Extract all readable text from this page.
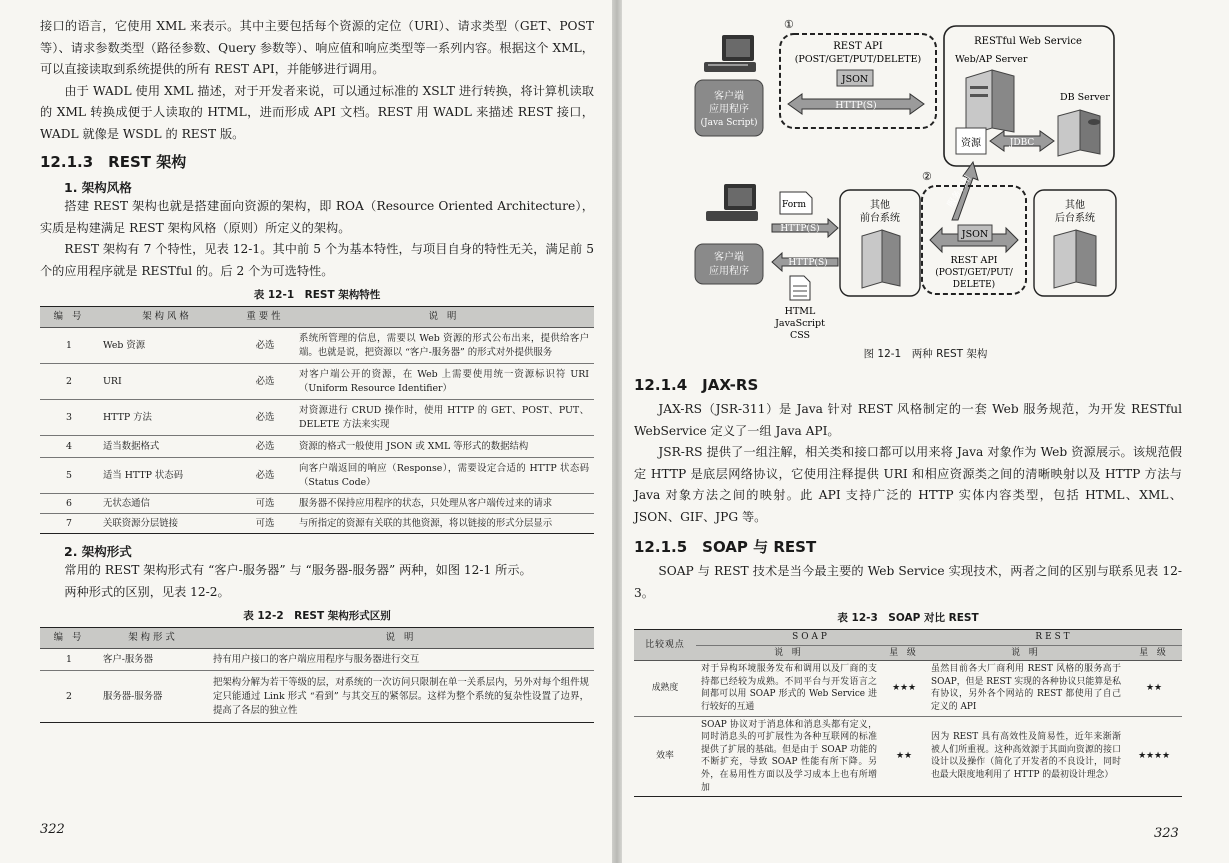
接口的语言，它使用 XML 来表示。其中主要包括每个资源的定位（URI）、请求类型（GET、POST 等）、请求参数类型（路径参数、Query 参数等）、响应值和响应类型等一系列内容。根据这个 XML，可以直接读取到系统提供的所有 REST API，并能够进行调用。

由于 WADL 使用 XML 描述，对于开发者来说，可以通过标准的 XSLT 进行转换，将计算机读取的 XML 转换成便于人读取的 HTML，进而形成 API 文档。REST 用 WADL 来描述 REST 接口，WADL 就像是 WSDL 的 REST 版。

12.1.3　REST 架构
1. 架构风格

搭建 REST 架构也就是搭建面向资源的架构，即 ROA（Resource Oriented Architecture），实质是构建满足 REST 架构风格（原则）所定义的架构。

REST 架构有 7 个特性，见表 12-1。其中前 5 个为基本特性，与项目自身的特性无关，满足前 5 个的应用程序就是 RESTful 的。后 2 个为可选特性。

表 12-1　REST 架构特性
编 号	架构风格	重要性	说 明
1	Web 资源	必选	系统所管理的信息，需要以 Web 资源的形式公布出来，提供给客户端。也就是说，把资源以 “客户-服务器” 的形式对外提供服务
2	URI	必选	对客户端公开的资源，在 Web 上需要使用统一资源标识符 URI（Uniform Resource Identifier）
3	HTTP 方法	必选	对资源进行 CRUD 操作时，使用 HTTP 的 GET、POST、PUT、DELETE 方法来实现
4	适当数据格式	必选	资源的格式一般使用 JSON 或 XML 等形式的数据结构
5	适当 HTTP 状态码	必选	向客户端返回的响应（Response），需要设定合适的 HTTP 状态码（Status Code）
6	无状态通信	可选	服务器不保持应用程序的状态，只处理从客户端传过来的请求
7	关联资源分层链接	可选	与所指定的资源有关联的其他资源，将以链接的形式分层显示
2. 架构形式

常用的 REST 架构形式有 “客户-服务器” 与 “服务器-服务器” 两种，如图 12-1 所示。

两种形式的区别，见表 12-2。

表 12-2　REST 架构形式区别
编 号	架构形式	说 明
1	客户-服务器	持有用户接口的客户端应用程序与服务器进行交互
2	服务器-服务器	把架构分解为若干等级的层，对系统的一次访问只限制在单一关系层内，另外对每个组件规定只能通过 Link 形式 “看到” 与其交互的紧邻层。这样为整个系统的复杂性设置了边界，提高了各层的独立性
322
①
客户端
应用程序
(Java Script)
REST API
(POST/GET/PUT/DELETE)
JSON
HTTP(S)
RESTful Web Service
Web/AP Server
资源	JDBC
DB Server
服务调用
②
客户端
应用程序
Form
HTTP(S)
HTTP(S)
HTML
JavaScript
CSS
其他
前台系统
JSON
REST API
(POST/GET/PUT/
DELETE)
其他
后台系统
图 12-1　两种 REST 架构
12.1.4　JAX-RS

JAX-RS（JSR-311）是 Java 针对 REST 风格制定的一套 Web 服务规范，为开发 RESTful WebService 定义了一组 Java API。

JSR-RS 提供了一组注解，相关类和接口都可以用来将 Java 对象作为 Web 资源展示。该规范假定 HTTP 是底层网络协议，它使用注释提供 URI 和相应资源类之间的清晰映射以及 HTTP 方法与 Java 对象方法之间的映射。此 API 支持广泛的 HTTP 实体内容类型，包括 HTML、XML、JSON、GIF、JPG 等。

12.1.5　SOAP 与 REST

SOAP 与 REST 技术是当今最主要的 Web Service 实现技术，两者之间的区别与联系见表 12-3。

表 12-3　SOAP 对比 REST
比较观点	SOAP		REST	
	说 明	星 级	说 明	星 级
成熟度	对于异构环境服务发布和调用以及厂商的支持都已经较为成熟。不同平台与开发语言之间都可以用 SOAP 形式的 Web Service 进行较好的互通	★★★	虽然目前各大厂商利用 REST 风格的服务高于 SOAP，但是 REST 实现的各种协议只能算是私有协议，另外各个网站的 REST 都使用了自己定义的 API	★★
效率	SOAP 协议对于消息体和消息头都有定义，同时消息头的可扩展性为各种互联网的标准提供了扩展的基础。但是由于 SOAP 功能的不断扩充，导致 SOAP 性能有所下降。另外，在易用性方面以及学习成本上也有所增加	★★	因为 REST 具有高效性及简易性，近年来渐渐被人们所重视。这种高效源于其面向资源的接口设计以及操作（简化了开发者的不良设计，同时也最大限度地利用了 HTTP 的最初设计理念）	★★★★
323
